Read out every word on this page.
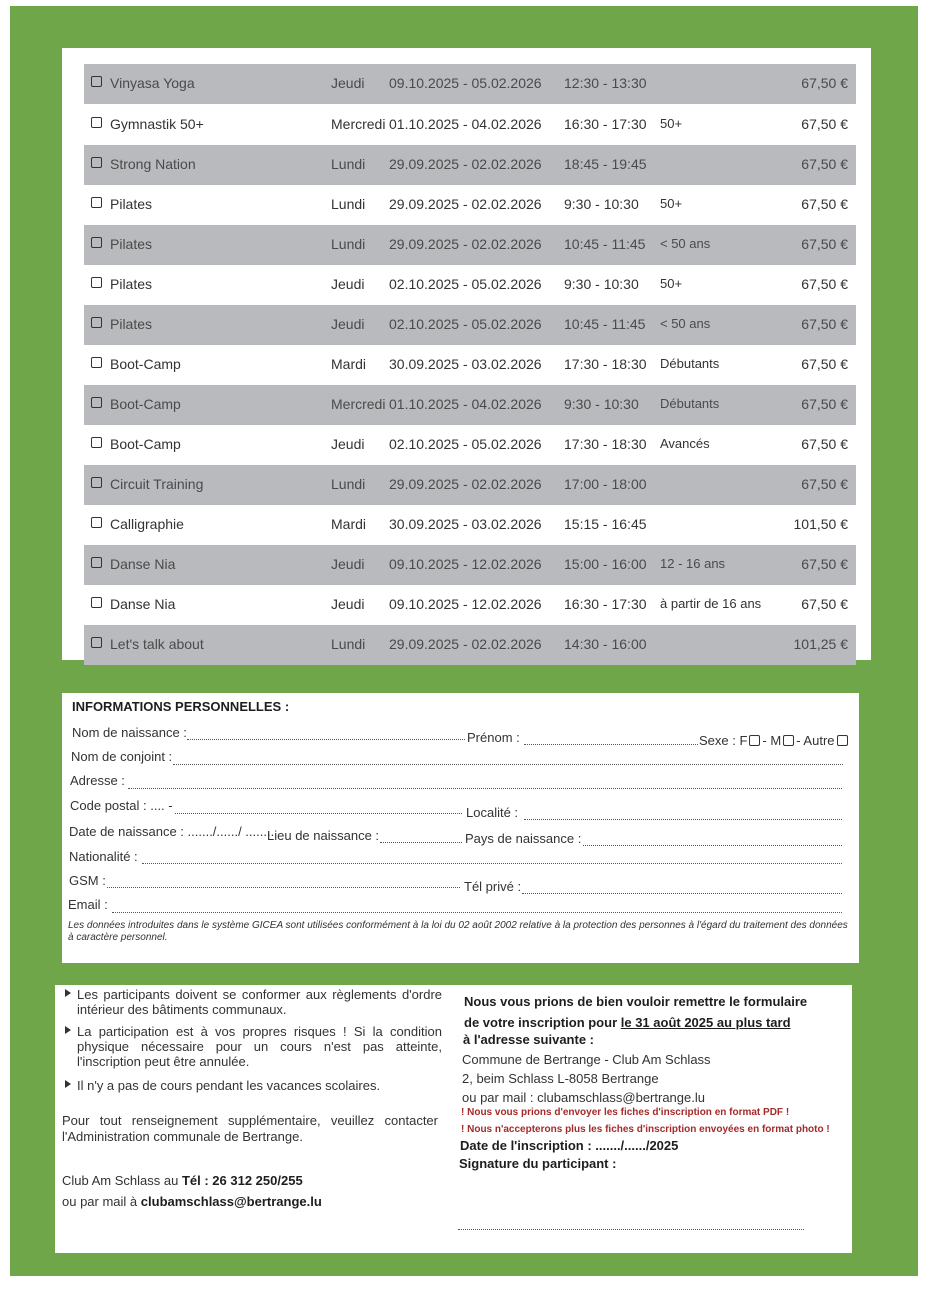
Vinyasa Yoga	Jeudi 09.10.2025 - 05.02.2026 12:30 - 13:30	67,50 €
Gymnastik 50+	Mercredi 01.10.2025 - 04.02.2026 16:30 - 17:30 50+	67,50 €
Strong Nation	Lundi 29.09.2025 - 02.02.2026 18:45 - 19:45	67,50 €
Pilates	Lundi 29.09.2025 - 02.02.2026 9:30 - 10:30 50+	67,50 €
Pilates	Lundi 29.09.2025 - 02.02.2026 10:45 - 11:45 < 50 ans	67,50 €
Pilates	Jeudi 02.10.2025 - 05.02.2026 9:30 - 10:30 50+	67,50 €
Pilates	Jeudi 02.10.2025 - 05.02.2026 10:45 - 11:45 < 50 ans	67,50 €
Boot-Camp	Mardi 30.09.2025 - 03.02.2026 17:30 - 18:30 Débutants	67,50 €
Boot-Camp	Mercredi 01.10.2025 - 04.02.2026 9:30 - 10:30 Débutants	67,50 €
Boot-Camp	Jeudi 02.10.2025 - 05.02.2026 17:30 - 18:30 Avancés	67,50 €
Circuit Training	Lundi 29.09.2025 - 02.02.2026 17:00 - 18:00	67,50 €
Calligraphie	Mardi 30.09.2025 - 03.02.2026 15:15 - 16:45	101,50 €
Danse Nia	Jeudi 09.10.2025 - 12.02.2026 15:00 - 16:00 12 - 16 ans	67,50 €
Danse Nia	Jeudi 09.10.2025 - 12.02.2026 16:30 - 17:30 à partir de 16 ans	67,50 €
Let's talk about	Lundi 29.09.2025 - 02.02.2026 14:30 - 16:00	101,25 €
INFORMATIONS PERSONNELLES :
Nom de naissance :	Prénom :	Sexe : F - M - Autre
Nom de conjoint :
Adresse :
Code postal : .... -	Localité :
Date de naissance : ......./....../ ........
Lieu de naissance :	Pays de naissance :
Nationalité :
GSM :	Tél privé :
Email :
Les données introduites dans le système GICEA sont utilisées conformément à la loi du 02 août 2002 relative à la protection des personnes à l'égard du traitement des données à caractère personnel.
Les participants doivent se conformer aux règlements d'ordre intérieur des bâtiments communaux.
La participation est à vos propres risques ! Si la condition physique nécessaire pour un cours n'est pas atteinte, l'inscription peut être annulée.
Il n'y a pas de cours pendant les vacances scolaires.
Pour tout renseignement supplémentaire, veuillez contacter l'Administration communale de Bertrange.
Club Am Schlass au Tél : 26 312 250/255
ou par mail à clubamschlass@bertrange.lu
Nous vous prions de bien vouloir remettre le formulaire
de votre inscription pour le 31 août 2025 au plus tard
à l'adresse suivante :
Commune de Bertrange - Club Am Schlass
2, beim Schlass L-8058 Bertrange
ou par mail : clubamschlass@bertrange.lu
! Nous vous prions d'envoyer les fiches d'inscription en format PDF !
! Nous n'accepterons plus les fiches d'inscription envoyées en format photo !
Date de l'inscription : ......./....../2025
Signature du participant :
